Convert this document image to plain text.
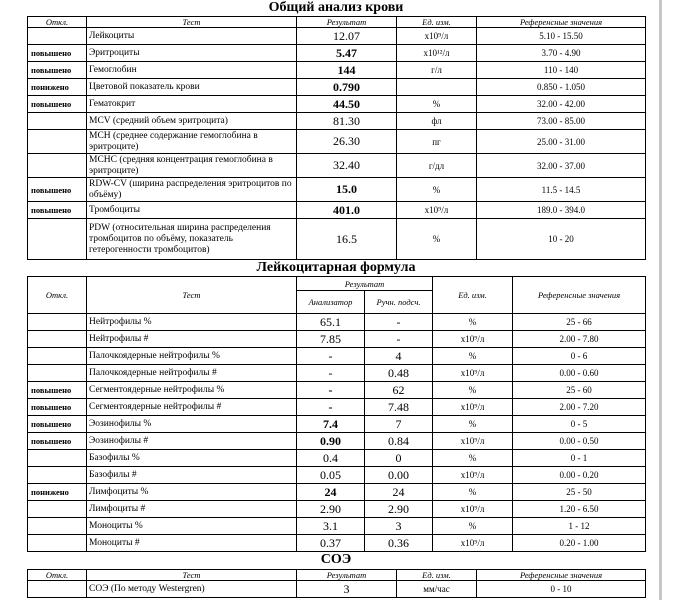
Общий анализ крови
Откл.	Тест	Результат	Ед. изм.	Референсные значения
	Лейкоциты	12.07	x10⁹/л	5.10 - 15.50
повышено	Эритроциты	5.47	x10¹²/л	3.70 - 4.90
повышено	Гемоглобин	144	г/л	110 - 140
понижено	Цветовой показатель крови	0.790		0.850 - 1.050
повышено	Гематокрит	44.50	%	32.00 - 42.00
	MCV (средний объем эритроцита)	81.30	фл	73.00 - 85.00
	MCH (среднее содержание гемоглобина в эритроците)	26.30	пг	25.00 - 31.00
	MCHC (средняя концентрация гемоглобина в эритроците)	32.40	г/дл	32.00 - 37.00
повышено	RDW-CV (ширина распределения эритроцитов по объёму)	15.0	%	11.5 - 14.5
повышено	Тромбоциты	401.0	x10⁹/л	189.0 - 394.0
	PDW (относительная ширина распределения тромбоцитов по объёму, показатель гетерогенности тромбоцитов)	16.5	%	10 - 20
Лейкоцитарная формула
Откл.	Тест	Результат		Ед. изм.	Референсные значения
		Анализатор	Ручн. подсч.		
	Нейтрофилы %	65.1	-	%	25 - 66
	Нейтрофилы #	7.85	-	x10⁹/л	2.00 - 7.80
	Палочкоядерные нейтрофилы %	-	4	%	0 - 6
	Палочкоядерные нейтрофилы #	-	0.48	x10⁹/л	0.00 - 0.60
повышено	Сегментоядерные нейтрофилы %	-	62	%	25 - 60
повышено	Сегментоядерные нейтрофилы #	-	7.48	x10⁹/л	2.00 - 7.20
повышено	Эозинофилы %	7.4	7	%	0 - 5
повышено	Эозинофилы #	0.90	0.84	x10⁹/л	0.00 - 0.50
	Базофилы %	0.4	0	%	0 - 1
	Базофилы #	0.05	0.00	x10⁹/л	0.00 - 0.20
понижено	Лимфоциты %	24	24	%	25 - 50
	Лимфоциты #	2.90	2.90	x10⁹/л	1.20 - 6.50
	Моноциты %	3.1	3	%	1 - 12
	Моноциты #	0.37	0.36	x10⁹/л	0.20 - 1.00
СОЭ
Откл.	Тест	Результат	Ед. изм.	Референсные значения
	СОЭ (По методу Westergren)	3	мм/час	0 - 10
